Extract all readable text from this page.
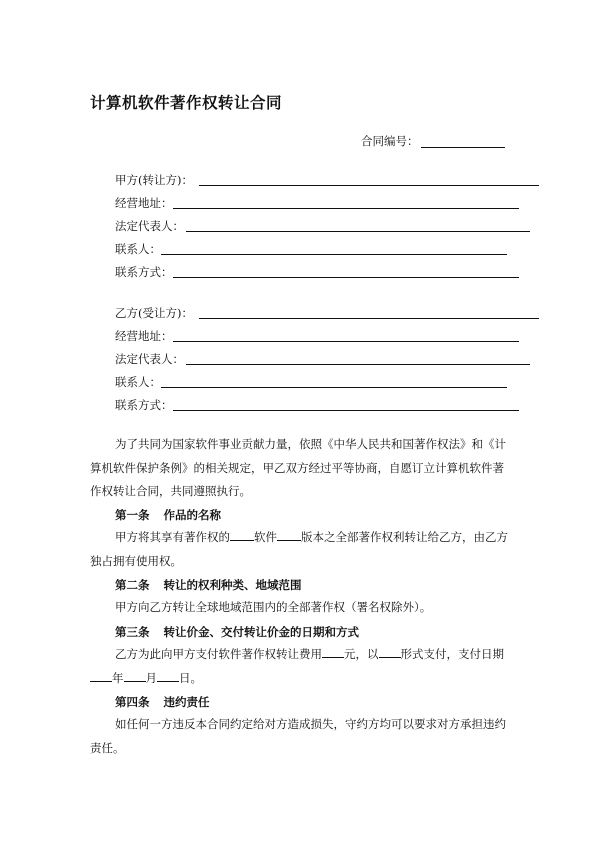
计算机软件著作权转让合同
合同编号：
甲方(转让方)：
经营地址：
法定代表人：
联系人：
联系方式：
乙方(受让方)：
经营地址：
法定代表人：
联系人：
联系方式：
为了共同为国家软件事业贡献力量，依照《中华人民共和国著作权法》和《计算机软件保护条例》的相关规定，甲乙双方经过平等协商，自愿订立计算机软件著作权转让合同，共同遵照执行。
第一条 作品的名称
甲方将其享有著作权的 软件 版本之全部著作权利转让给乙方，由乙方独占拥有使用权。
第二条 转让的权利种类、地域范围
甲方向乙方转让全球地域范围内的全部著作权（署名权除外）。
第三条 转让价金、交付转让价金的日期和方式
乙方为此向甲方支付软件著作权转让费用 元，以 形式支付，支付日期年 月 日。
第四条 违约责任
如任何一方违反本合同约定给对方造成损失，守约方均可以要求对方承担违约责任。
